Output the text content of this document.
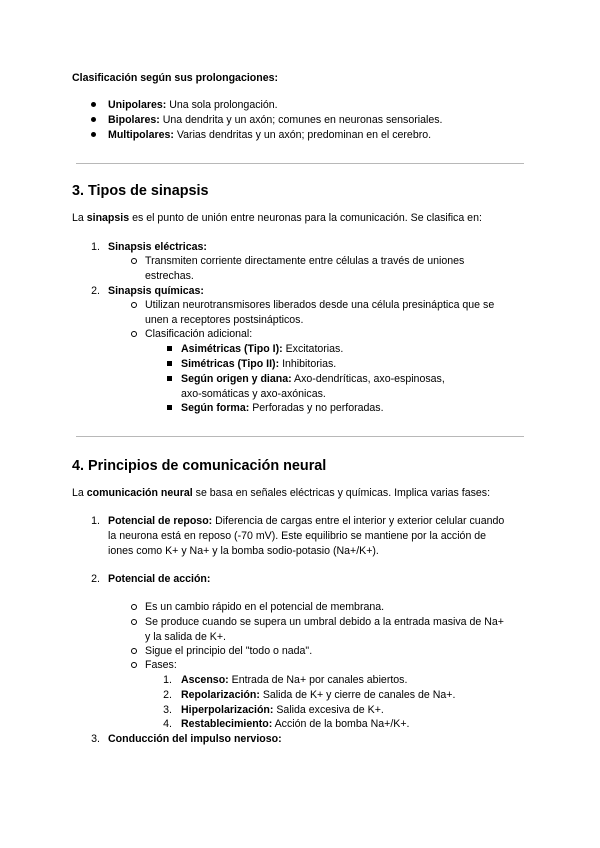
Clasificación según sus prolongaciones:
Unipolares: Una sola prolongación.
Bipolares: Una dendrita y un axón; comunes en neuronas sensoriales.
Multipolares: Varias dendritas y un axón; predominan en el cerebro.
3. Tipos de sinapsis
La sinapsis es el punto de unión entre neuronas para la comunicación. Se clasifica en:
1. Sinapsis eléctricas:
Transmiten corriente directamente entre células a través de uniones
estrechas.
2. Sinapsis químicas:
Utilizan neurotransmisores liberados desde una célula presináptica que se
unen a receptores postsinápticos.
Clasificación adicional:
Asimétricas (Tipo I): Excitatorias.
Simétricas (Tipo II): Inhibitorias.
Según origen y diana: Axo-dendríticas, axo-espinosas,
axo-somáticas y axo-axónicas.
Según forma: Perforadas y no perforadas.
4. Principios de comunicación neural
La comunicación neural se basa en señales eléctricas y químicas. Implica varias fases:
1. Potencial de reposo: Diferencia de cargas entre el interior y exterior celular cuando
la neurona está en reposo (-70 mV). Este equilibrio se mantiene por la acción de
iones como K+ y Na+ y la bomba sodio-potasio (Na+/K+).
2. Potencial de acción:
Es un cambio rápido en el potencial de membrana.
Se produce cuando se supera un umbral debido a la entrada masiva de Na+
y la salida de K+.
Sigue el principio del "todo o nada".
Fases:
1. Ascenso: Entrada de Na+ por canales abiertos.
2. Repolarización: Salida de K+ y cierre de canales de Na+.
3. Hiperpolarización: Salida excesiva de K+.
4. Restablecimiento: Acción de la bomba Na+/K+.
3. Conducción del impulso nervioso:
